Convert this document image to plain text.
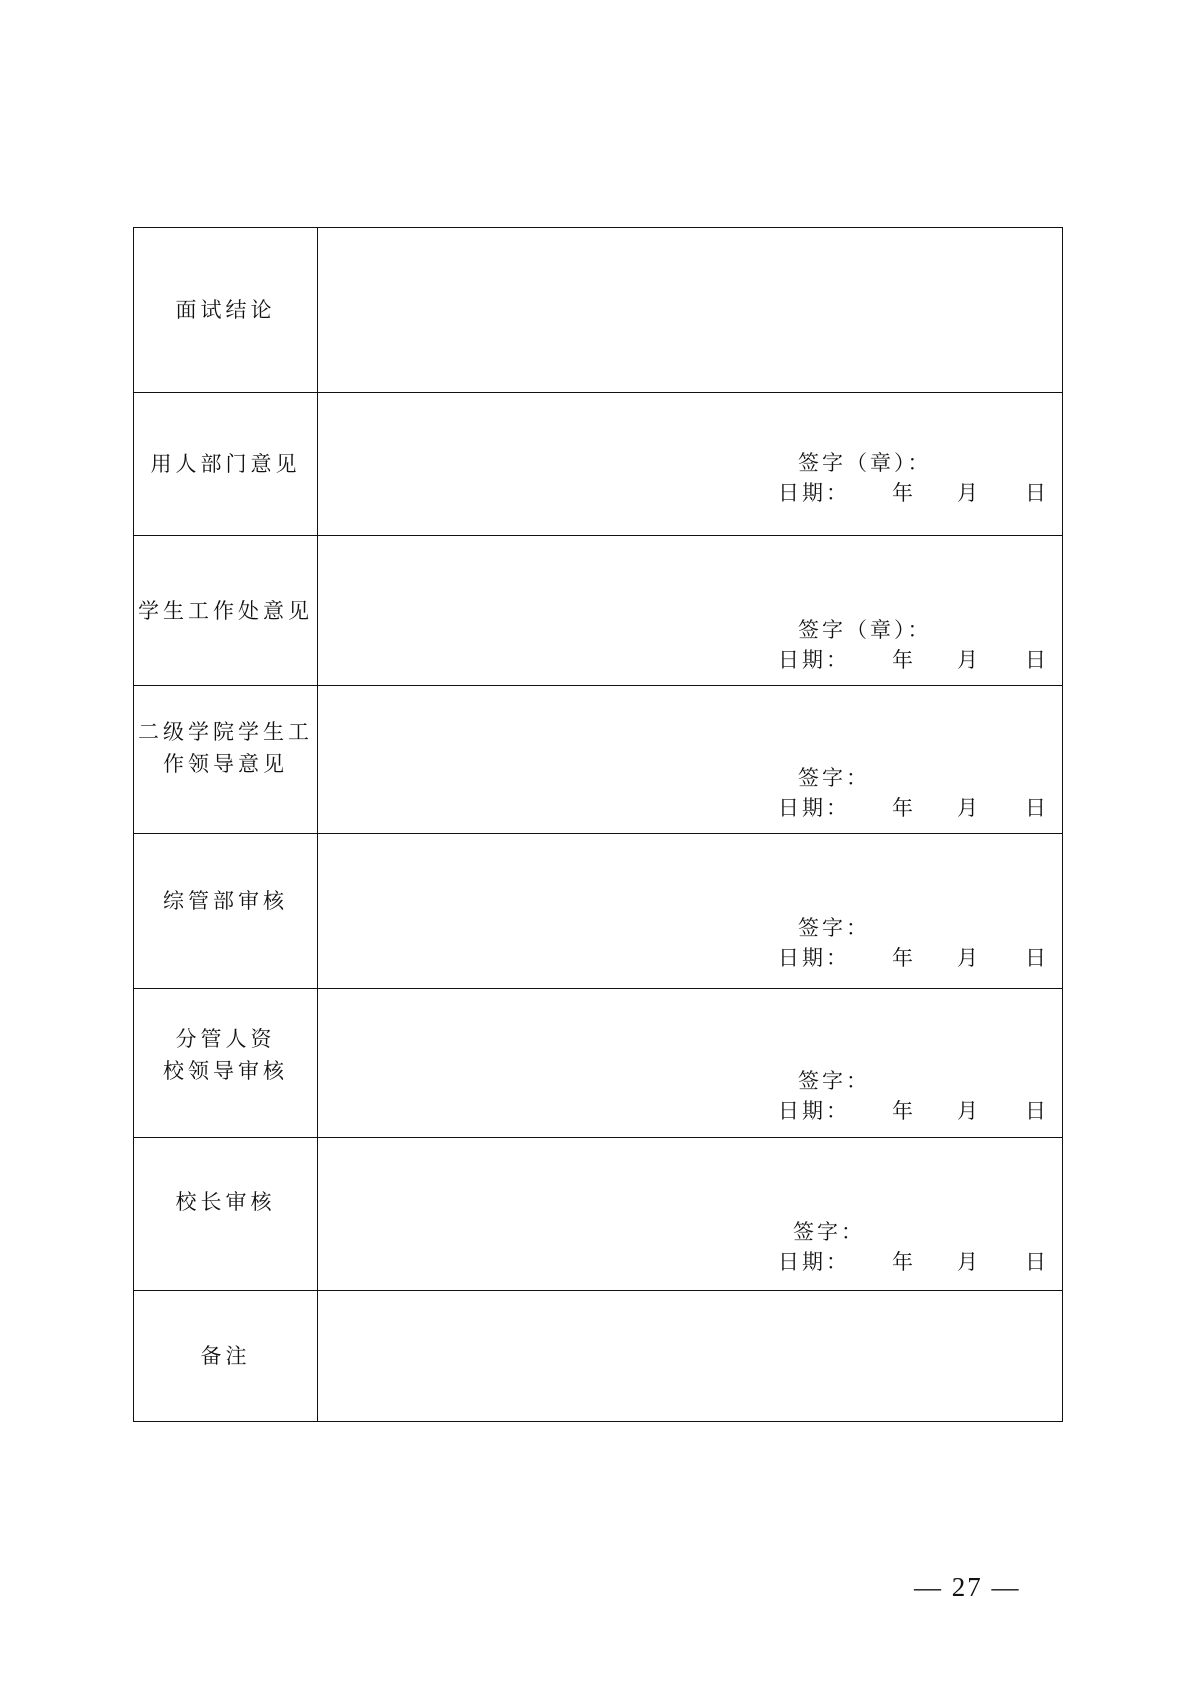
面试结论	

用人部门意见	签字（章）：
日期： 年 月 日

学生工作处意见	签字（章）：
日期： 年 月 日

二级学院学生工
作领导意见	签字：
日期： 年 月 日

综管部审核	签字：
日期： 年 月 日

分管人资
校领导审核	签字：
日期： 年 月 日

校长审核	签字：
日期： 年 月 日

备注	

— 27 —
